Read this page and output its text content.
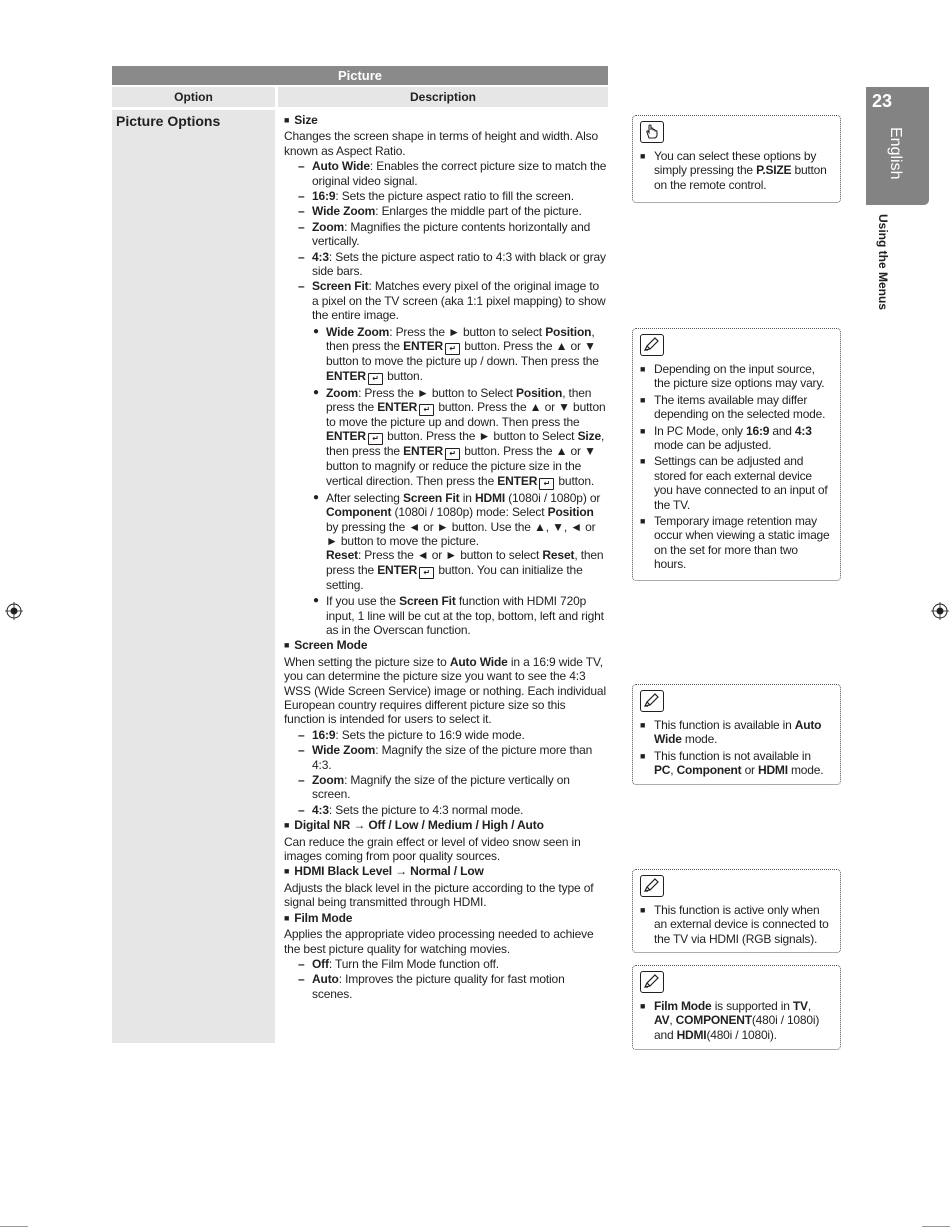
Picture
Option	Description
Picture Options	■ Size
Changes the screen shape in terms of height and width. Also known as Aspect Ratio.
– Auto Wide: Enables the correct picture size to match the original video signal.
– 16:9: Sets the picture aspect ratio to fill the screen.
– Wide Zoom: Enlarges the middle part of the picture.
– Zoom: Magnifies the picture contents horizontally and vertically.
– 4:3: Sets the picture aspect ratio to 4:3 with black or gray side bars.
– Screen Fit: Matches every pixel of the original image to a pixel on the TV screen (aka 1:1 pixel mapping) to show the entire image.
● Wide Zoom: Press the ► button to select Position, then press the ENTER ↵ button. Press the ▲ or ▼ button to move the picture up / down. Then press the ENTER ↵ button.
● Zoom: Press the ► button to Select Position, then press the ENTER ↵ button. Press the ▲ or ▼ button to move the picture up and down. Then press the ENTER ↵ button. Press the ► button to Select Size, then press the ENTER ↵ button. Press the ▲ or ▼ button to magnify or reduce the picture size in the vertical direction. Then press the ENTER ↵ button.
● After selecting Screen Fit in HDMI (1080i / 1080p) or Component (1080i / 1080p) mode: Select Position by pressing the ◄ or ► button. Use the ▲, ▼, ◄ or ► button to move the picture.
Reset: Press the ◄ or ► button to select Reset, then press the ENTER ↵ button. You can initialize the setting.
● If you use the Screen Fit function with HDMI 720p input, 1 line will be cut at the top, bottom, left and right as in the Overscan function.
■ Screen Mode
When setting the picture size to Auto Wide in a 16:9 wide TV, you can determine the picture size you want to see the 4:3 WSS (Wide Screen Service) image or nothing. Each individual European country requires different picture size so this function is intended for users to select it.
– 16:9: Sets the picture to 16:9 wide mode.
– Wide Zoom: Magnify the size of the picture more than 4:3.
– Zoom: Magnify the size of the picture vertically on screen.
– 4:3: Sets the picture to 4:3 normal mode.
■ Digital NR → Off / Low / Medium / High / Auto
Can reduce the grain effect or level of video snow seen in images coming from poor quality sources.
■ HDMI Black Level → Normal / Low
Adjusts the black level in the picture according to the type of signal being transmitted through HDMI.
■ Film Mode
Applies the appropriate video processing needed to achieve the best picture quality for watching movies.
– Off: Turn the Film Mode function off.
– Auto: Improves the picture quality for fast motion scenes.
■ You can select these options by simply pressing the P.SIZE button on the remote control.
■ Depending on the input source, the picture size options may vary.
■ The items available may differ depending on the selected mode.
■ In PC Mode, only 16:9 and 4:3 mode can be adjusted.
■ Settings can be adjusted and stored for each external device you have connected to an input of the TV.
■ Temporary image retention may occur when viewing a static image on the set for more than two hours.
■ This function is available in Auto Wide mode.
■ This function is not available in PC, Component or HDMI mode.
■ This function is active only when an external device is connected to the TV via HDMI (RGB signals).
■ Film Mode is supported in TV, AV, COMPONENT(480i / 1080i) and HDMI(480i / 1080i).
23
English
Using the Menus
